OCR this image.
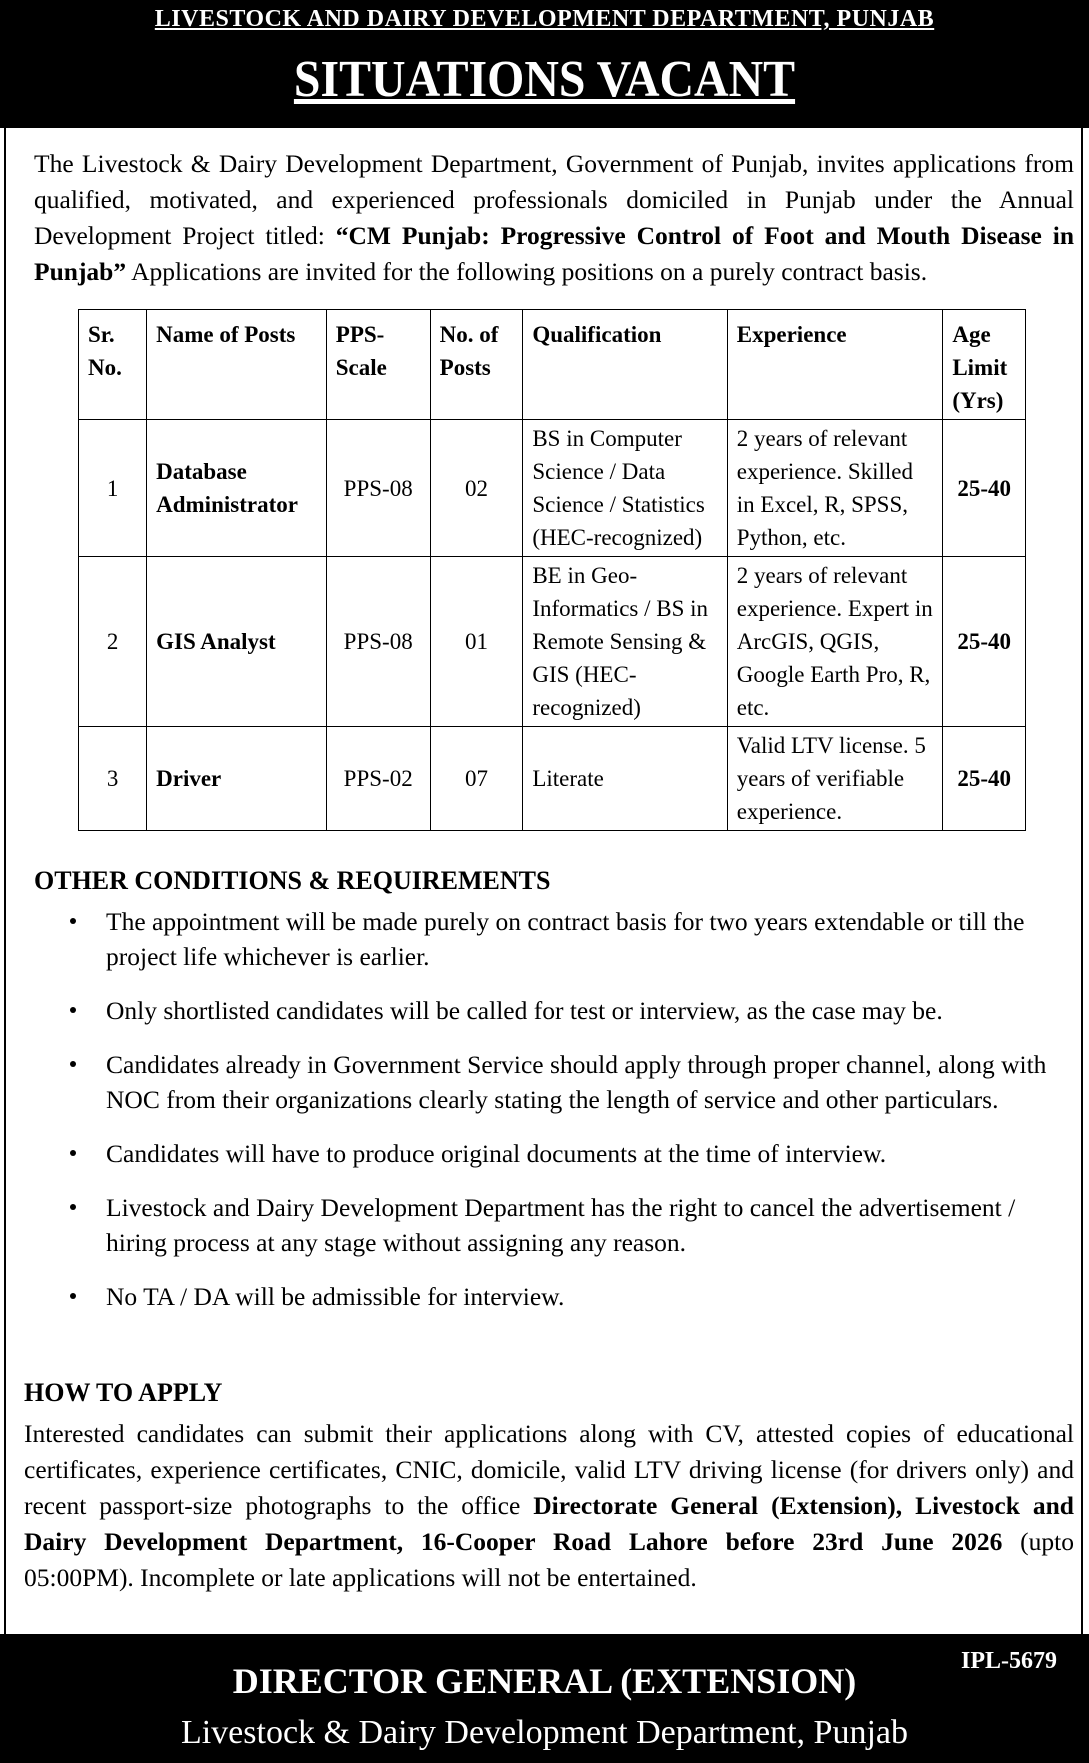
LIVESTOCK AND DAIRY DEVELOPMENT DEPARTMENT, PUNJAB
SITUATIONS VACANT

The Livestock & Dairy Development Department, Government of Punjab, invites applications from qualified, motivated, and experienced professionals domiciled in Punjab under the Annual Development Project titled: “CM Punjab: Progressive Control of Foot and Mouth Disease in Punjab” Applications are invited for the following positions on a purely contract basis.

Sr. No.	Name of Posts	PPS-Scale	No. of Posts	Qualification	Experience	Age Limit (Yrs)
1	Database Administrator	PPS-08	02	BS in Computer Science / Data Science / Statistics (HEC-recognized)	2 years of relevant experience. Skilled in Excel, R, SPSS, Python, etc.	25-40
2	GIS Analyst	PPS-08	01	BE in Geo-Informatics / BS in Remote Sensing & GIS (HEC-recognized)	2 years of relevant experience. Expert in ArcGIS, QGIS, Google Earth Pro, R, etc.	25-40
3	Driver	PPS-02	07	Literate	Valid LTV license. 5 years of verifiable experience.	25-40
OTHER CONDITIONS & REQUIREMENTS
The appointment will be made purely on contract basis for two years extendable or till the project life whichever is earlier.
Only shortlisted candidates will be called for test or interview, as the case may be.
Candidates already in Government Service should apply through proper channel, along with NOC from their organizations clearly stating the length of service and other particulars.
Candidates will have to produce original documents at the time of interview.
Livestock and Dairy Development Department has the right to cancel the advertisement / hiring process at any stage without assigning any reason.
No TA / DA will be admissible for interview.
HOW TO APPLY

Interested candidates can submit their applications along with CV, attested copies of educational certificates, experience certificates, CNIC, domicile, valid LTV driving license (for drivers only) and recent passport-size photographs to the office Directorate General (Extension), Livestock and Dairy Development Department, 16-Cooper Road Lahore before 23rd June 2026 (upto 05:00PM). Incomplete or late applications will not be entertained.

DIRECTOR GENERAL (EXTENSION)	IPL-5679
Livestock & Dairy Development Department, Punjab
